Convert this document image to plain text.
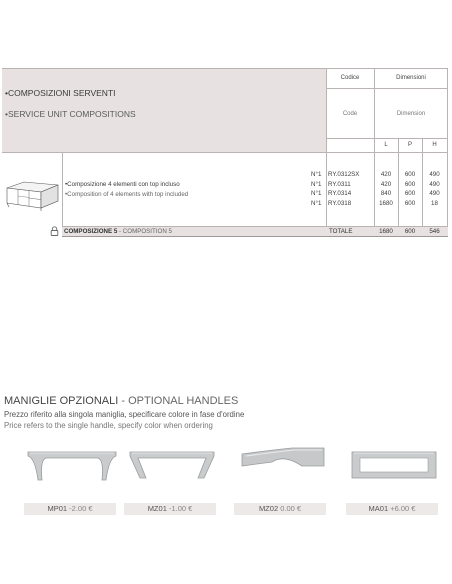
•COMPOSIZIONI SERVENTI
•SERVICE UNIT COMPOSITIONS
Codice	Dimensioni
Code	Dimension
L	P	H
•Composizione 4 elementi con top incluso
•Composition of 4 elements with top included
N°1 RY.0312SX	420	600	490
N°1 RY.0311	420	600	490
N°1 RY.0314	840	600	490
N°1 RY.0318	1680	600	18
COMPOSIZIONE 5 - COMPOSITION 5	TOTALE	1680	600	546
MANIGLIE OPZIONALI - OPTIONAL HANDLES
Prezzo riferito alla singola maniglia, specificare colore in fase d'ordine
Price refers to the single handle, specify color when ordering
MP01 -2.00 €	MZ01 -1.00 €	MZ02 0.00 €	MA01 +6.00 €
